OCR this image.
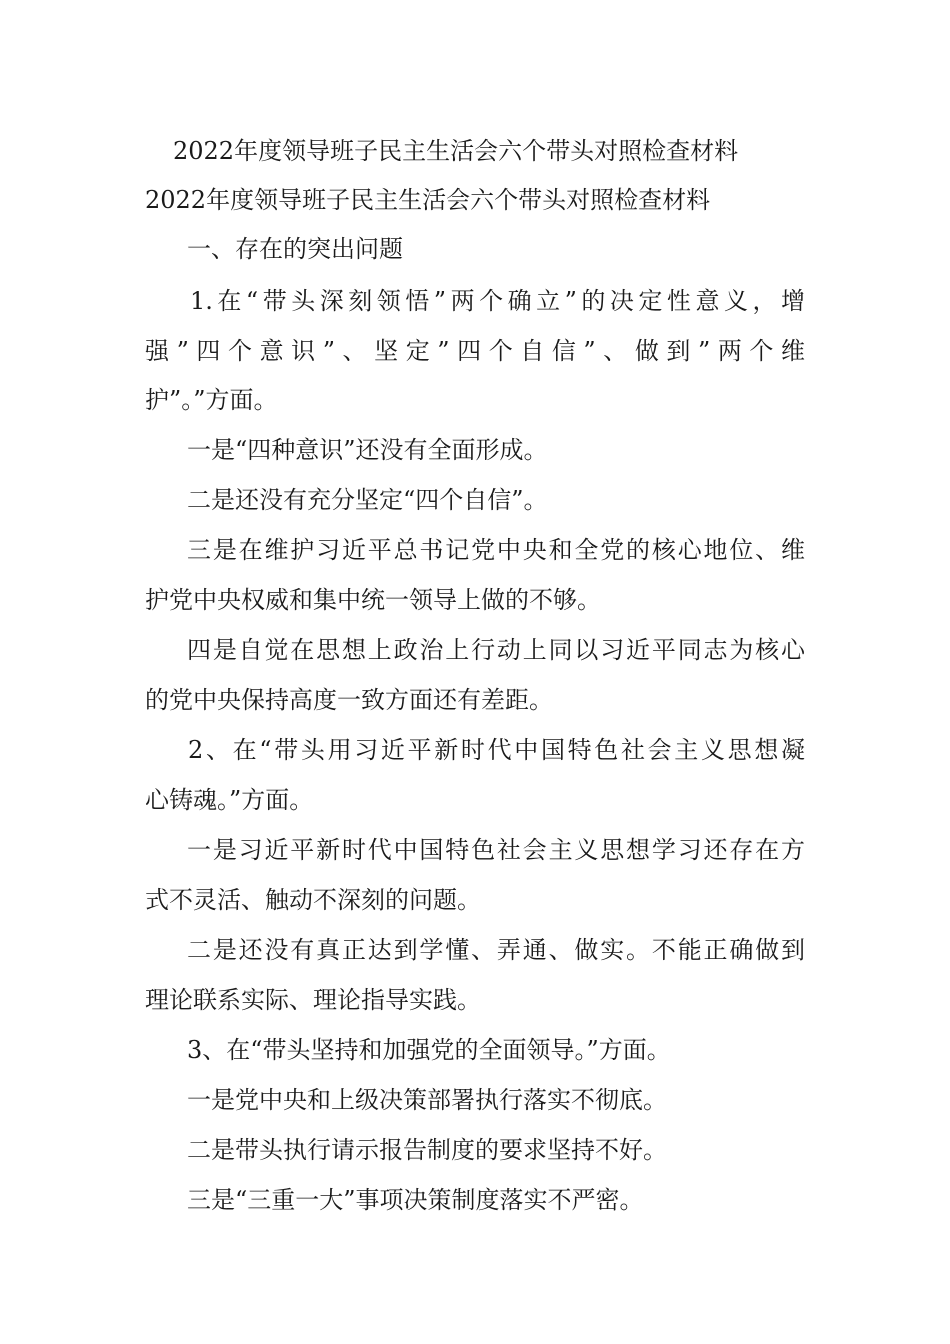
2022年度领导班子民主生活会六个带头对照检查材料

2022年度领导班子民主生活会六个带头对照检查材料

一、存在的突出问题

1.在“带头深刻领悟”两个确立”的决定性意义，增

强”四个意识”、坚定”四个自信”、做到”两个维

护”。”方面。

一是“四种意识”还没有全面形成。

二是还没有充分坚定“四个自信”。

三是在维护习近平总书记党中央和全党的核心地位、维

护党中央权威和集中统一领导上做的不够。

四是自觉在思想上政治上行动上同以习近平同志为核心

的党中央保持高度一致方面还有差距。

2、在“带头用习近平新时代中国特色社会主义思想凝

心铸魂。”方面。

一是习近平新时代中国特色社会主义思想学习还存在方

式不灵活、触动不深刻的问题。

二是还没有真正达到学懂、弄通、做实。不能正确做到

理论联系实际、理论指导实践。

3、在“带头坚持和加强党的全面领导。”方面。

一是党中央和上级决策部署执行落实不彻底。

二是带头执行请示报告制度的要求坚持不好。

三是“三重一大”事项决策制度落实不严密。
